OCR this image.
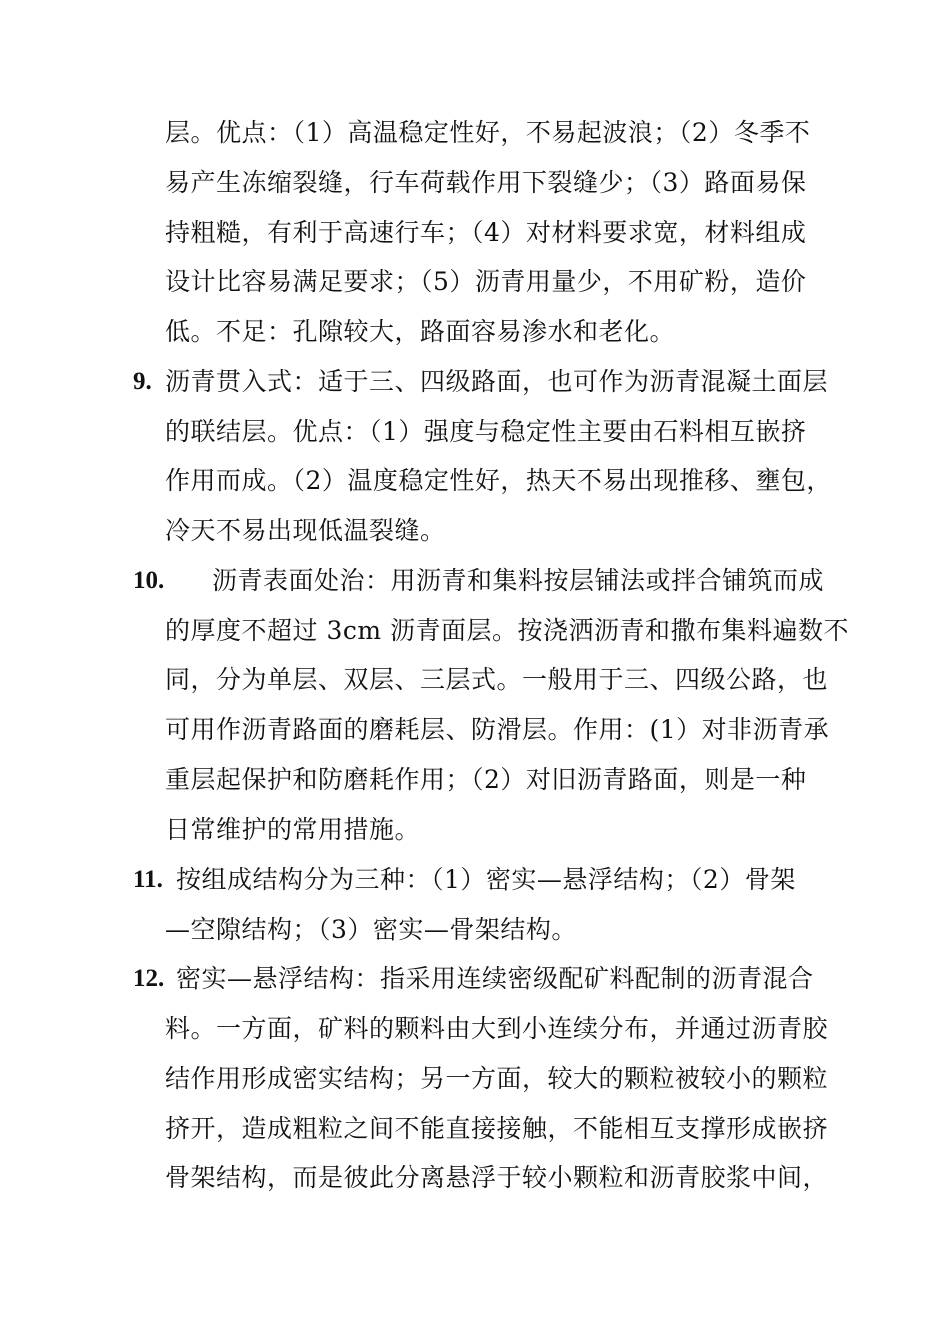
层。优点：（1）高温稳定性好，不易起波浪；（2）冬季不
易产生冻缩裂缝，行车荷载作用下裂缝少；（3）路面易保
持粗糙，有利于高速行车；（4）对材料要求宽，材料组成
设计比容易满足要求；（5）沥青用量少，不用矿粉，造价
低。不足：孔隙较大，路面容易渗水和老化。
9. 沥青贯入式：适于三、四级路面，也可作为沥青混凝土面层
的联结层。优点：（1）强度与稳定性主要由石料相互嵌挤
作用而成。（2）温度稳定性好，热天不易出现推移、壅包，
冷天不易出现低温裂缝。
10. 沥青表面处治：用沥青和集料按层铺法或拌合铺筑而成
的厚度不超过 3cm 沥青面层。按浇洒沥青和撒布集料遍数不
同，分为单层、双层、三层式。一般用于三、四级公路，也
可用作沥青路面的磨耗层、防滑层。作用：(1）对非沥青承
重层起保护和防磨耗作用；（2）对旧沥青路面，则是一种
日常维护的常用措施。
11. 按组成结构分为三种：（1）密实—悬浮结构；（2）骨架
—空隙结构；（3）密实—骨架结构。
12. 密实—悬浮结构：指采用连续密级配矿料配制的沥青混合
料。一方面，矿料的颗料由大到小连续分布，并通过沥青胶
结作用形成密实结构；另一方面，较大的颗粒被较小的颗粒
挤开，造成粗粒之间不能直接接触，不能相互支撑形成嵌挤
骨架结构，而是彼此分离悬浮于较小颗粒和沥青胶浆中间，
